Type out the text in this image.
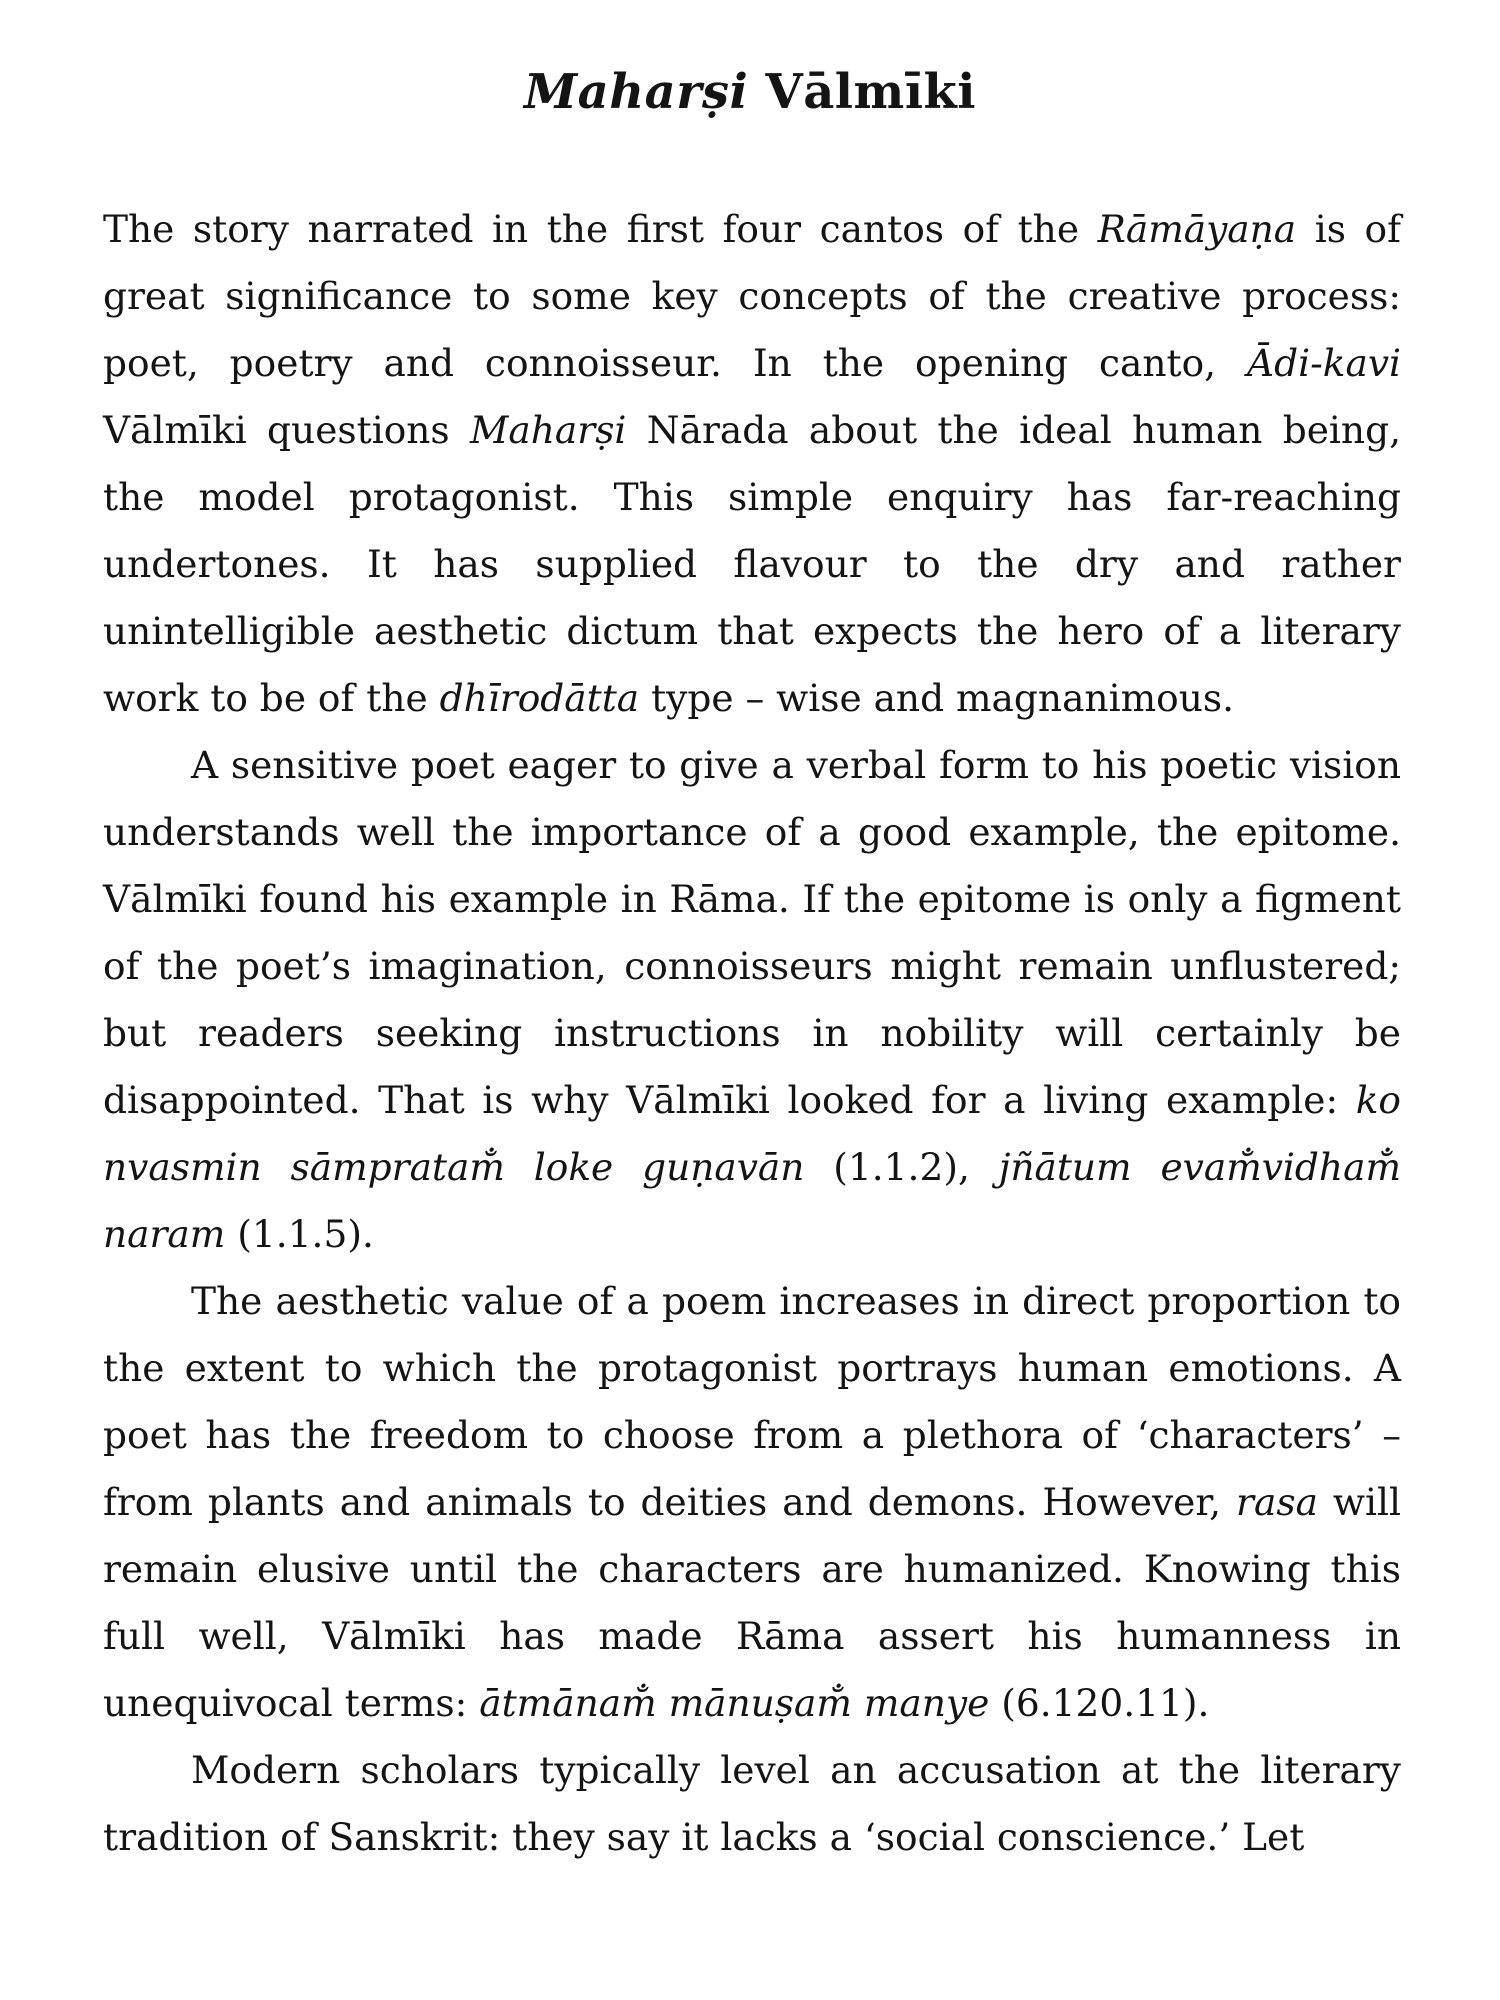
Maharṣi Vālmīki

The story narrated in the first four cantos of the Rāmāyaṇa is of great significance to some key concepts of the creative process: poet, poetry and connoisseur. In the opening canto, Ādi-kavi Vālmīki questions Maharṣi Nārada about the ideal human being, the model protagonist. This simple enquiry has far-reaching undertones. It has supplied flavour to the dry and rather unintelligible aesthetic dictum that expects the hero of a literary work to be of the dhīrodātta type – wise and magnanimous.

A sensitive poet eager to give a verbal form to his poetic vision understands well the importance of a good example, the epitome. Vālmīki found his example in Rāma. If the epitome is only a figment of the poet’s imagination, connoisseurs might remain unflustered; but readers seeking instructions in nobility will certainly be disappointed. That is why Vālmīki looked for a living example: ko nvasmin sāmpratam̐ loke guṇavān (1.1.2), jñātum evam̐vidham̐ naram (1.1.5).

The aesthetic value of a poem increases in direct proportion to the extent to which the protagonist portrays human emotions. A poet has the freedom to choose from a plethora of ‘characters’ – from plants and animals to deities and demons. However, rasa will remain elusive until the characters are humanized. Knowing this full well, Vālmīki has made Rāma assert his humanness in unequivocal terms: ātmānam̐ mānuṣam̐ manye (6.120.11).

Modern scholars typically level an accusation at the literary tradition of Sanskrit: they say it lacks a ‘social conscience.’ Let
